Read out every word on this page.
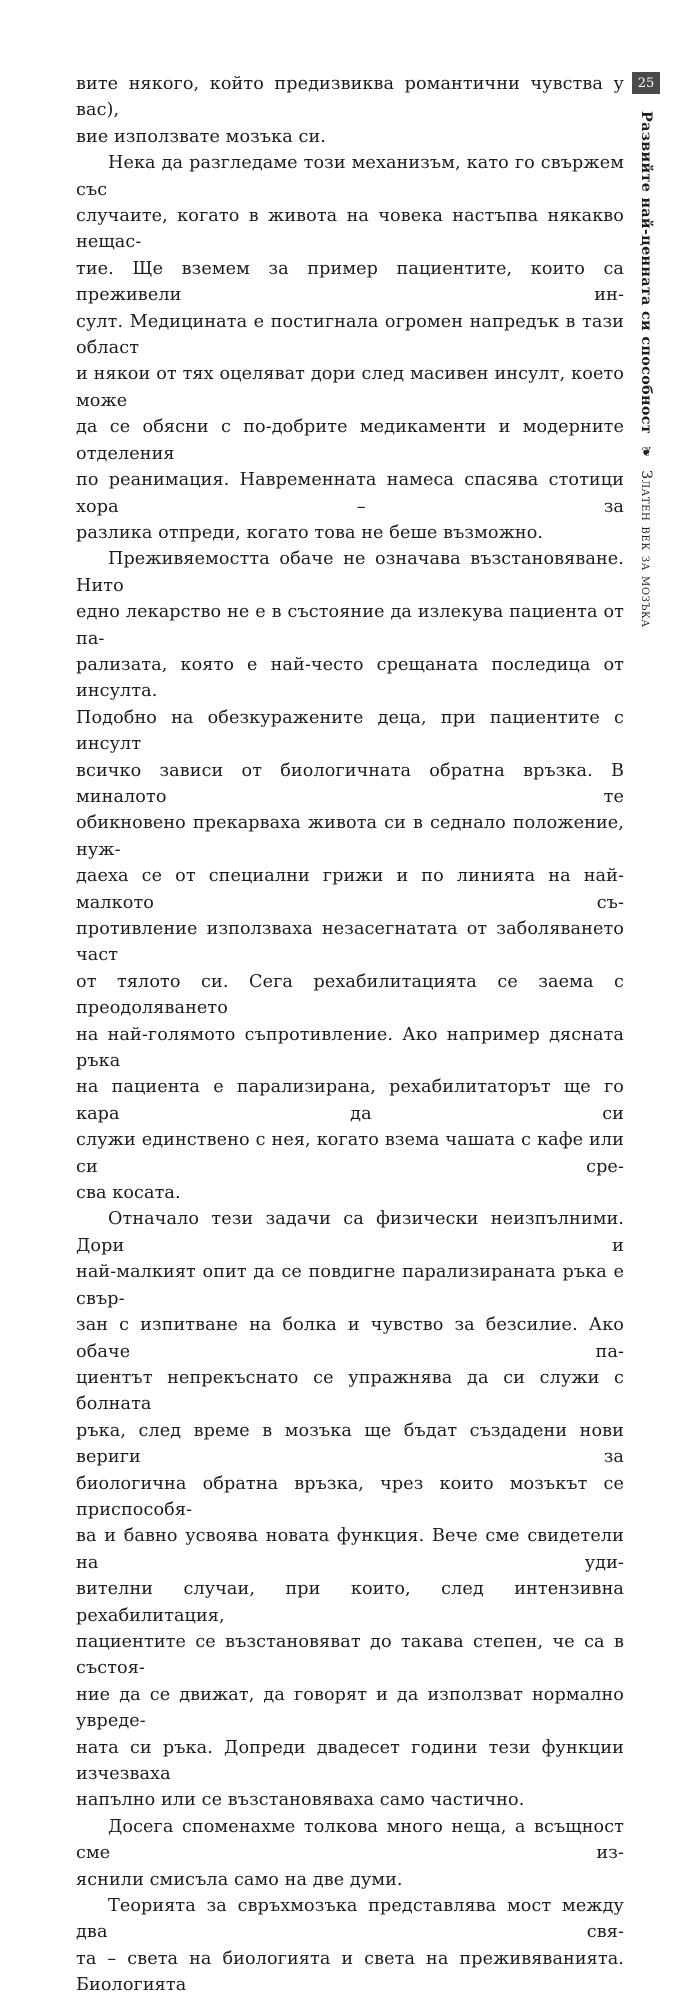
25
Развийте най-ценната си способност ❦ Златен век за мозъка

вите някого, който предизвиква романтични чувства у вас),

вие използвате мозъка си.

Нека да разгледаме този механизъм, като го свържем със

случаите, когато в живота на човека настъпва някакво нещас-

тие. Ще вземем за пример пациентите, които са преживели ин-

султ. Медицината е постигнала огромен напредък в тази област

и някои от тях оцеляват дори след масивен инсулт, което може

да се обясни с по-добрите медикаменти и модерните отделения

по реанимация. Навременната намеса спасява стотици хора – за

разлика отпреди, когато това не беше възможно.

Преживяемостта обаче не означава възстановяване. Нито

едно лекарство не е в състояние да излекува пациента от па-

рализата, която е най-често срещаната последица от инсулта.

Подобно на обезкуражените деца, при пациентите с инсулт

всичко зависи от биологичната обратна връзка. В миналото те

обикновено прекарваха живота си в седнало положение, нуж-

даеха се от специални грижи и по линията на най-малкото съ-

противление използваха незасегнатата от заболяването част

от тялото си. Сега рехабилитацията се заема с преодоляването

на най-голямото съпротивление. Ако например дясната ръка

на пациента е парализирана, рехабилитаторът ще го кара да си

служи единствено с нея, когато взема чашата с кафе или си сре-

сва косата.

Отначало тези задачи са физически неизпълними. Дори и

най-малкият опит да се повдигне парализираната ръка е свър-

зан с изпитване на болка и чувство за безсилие. Ако обаче па-

циентът непрекъснато се упражнява да си служи с болната

ръка, след време в мозъка ще бъдат създадени нови вериги за

биологична обратна връзка, чрез които мозъкът се приспособя-

ва и бавно усвоява новата функция. Вече сме свидетели на уди-

вителни случаи, при които, след интензивна рехабилитация,

пациентите се възстановяват до такава степен, че са в състоя-

ние да се движат, да говорят и да използват нормално увреде-

ната си ръка. Допреди двадесет години тези функции изчезваха

напълно или се възстановяваха само частично.

Досега споменахме толкова много неща, а всъщност сме из-

яснили смисъла само на две думи.

Теорията за свръхмозъка представлява мост между два свя-

та – света на биологията и света на преживяванията. Биологията
